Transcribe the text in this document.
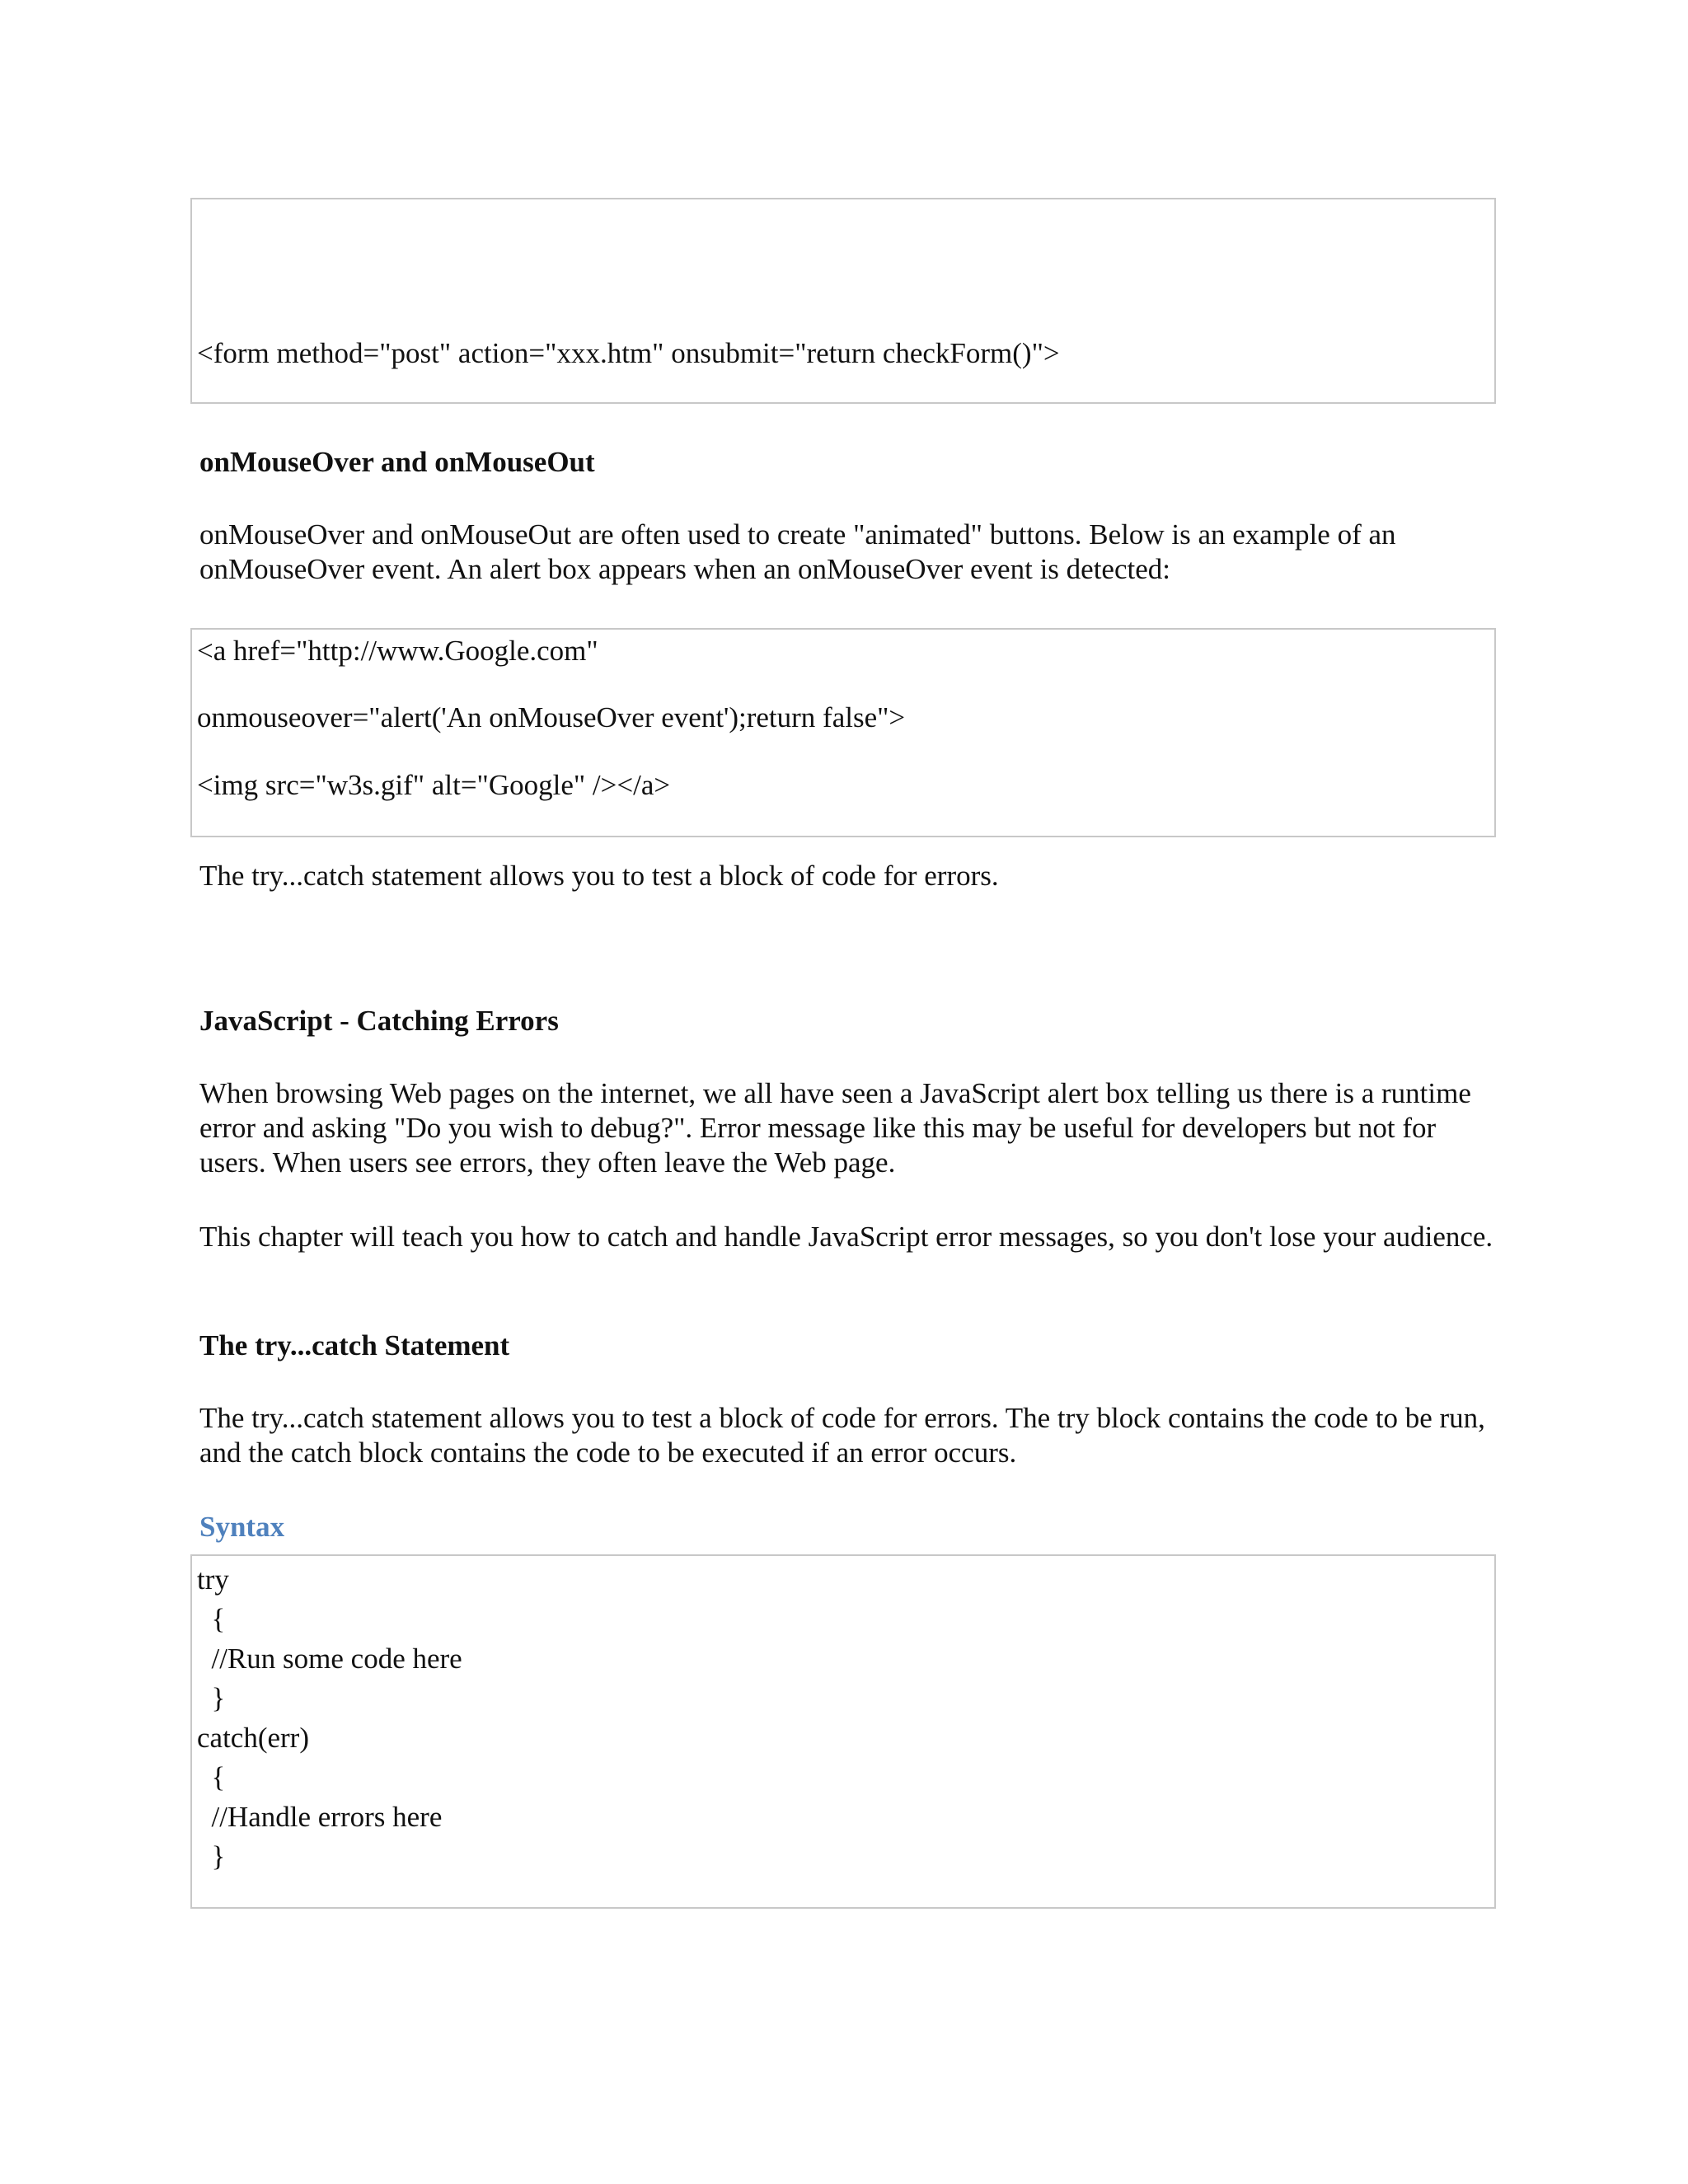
<form method="post" action="xxx.htm" onsubmit="return checkForm()">
onMouseOver and onMouseOut
onMouseOver and onMouseOut are often used to create "animated" buttons. Below is an example of an onMouseOver event. An alert box appears when an onMouseOver event is detected:
<a href="http://www.Google.com"
onmouseover="alert('An onMouseOver event');return false">
<img src="w3s.gif" alt="Google" /></a>
The try...catch statement allows you to test a block of code for errors.
JavaScript - Catching Errors
When browsing Web pages on the internet, we all have seen a JavaScript alert box telling us there is a runtime error and asking "Do you wish to debug?". Error message like this may be useful for developers but not for users. When users see errors, they often leave the Web page.
This chapter will teach you how to catch and handle JavaScript error messages, so you don't lose your audience.
The try...catch Statement
The try...catch statement allows you to test a block of code for errors. The try block contains the code to be run, and the catch block contains the code to be executed if an error occurs.
Syntax
try
{
//Run some code here
}
catch(err)
{
//Handle errors here
}
